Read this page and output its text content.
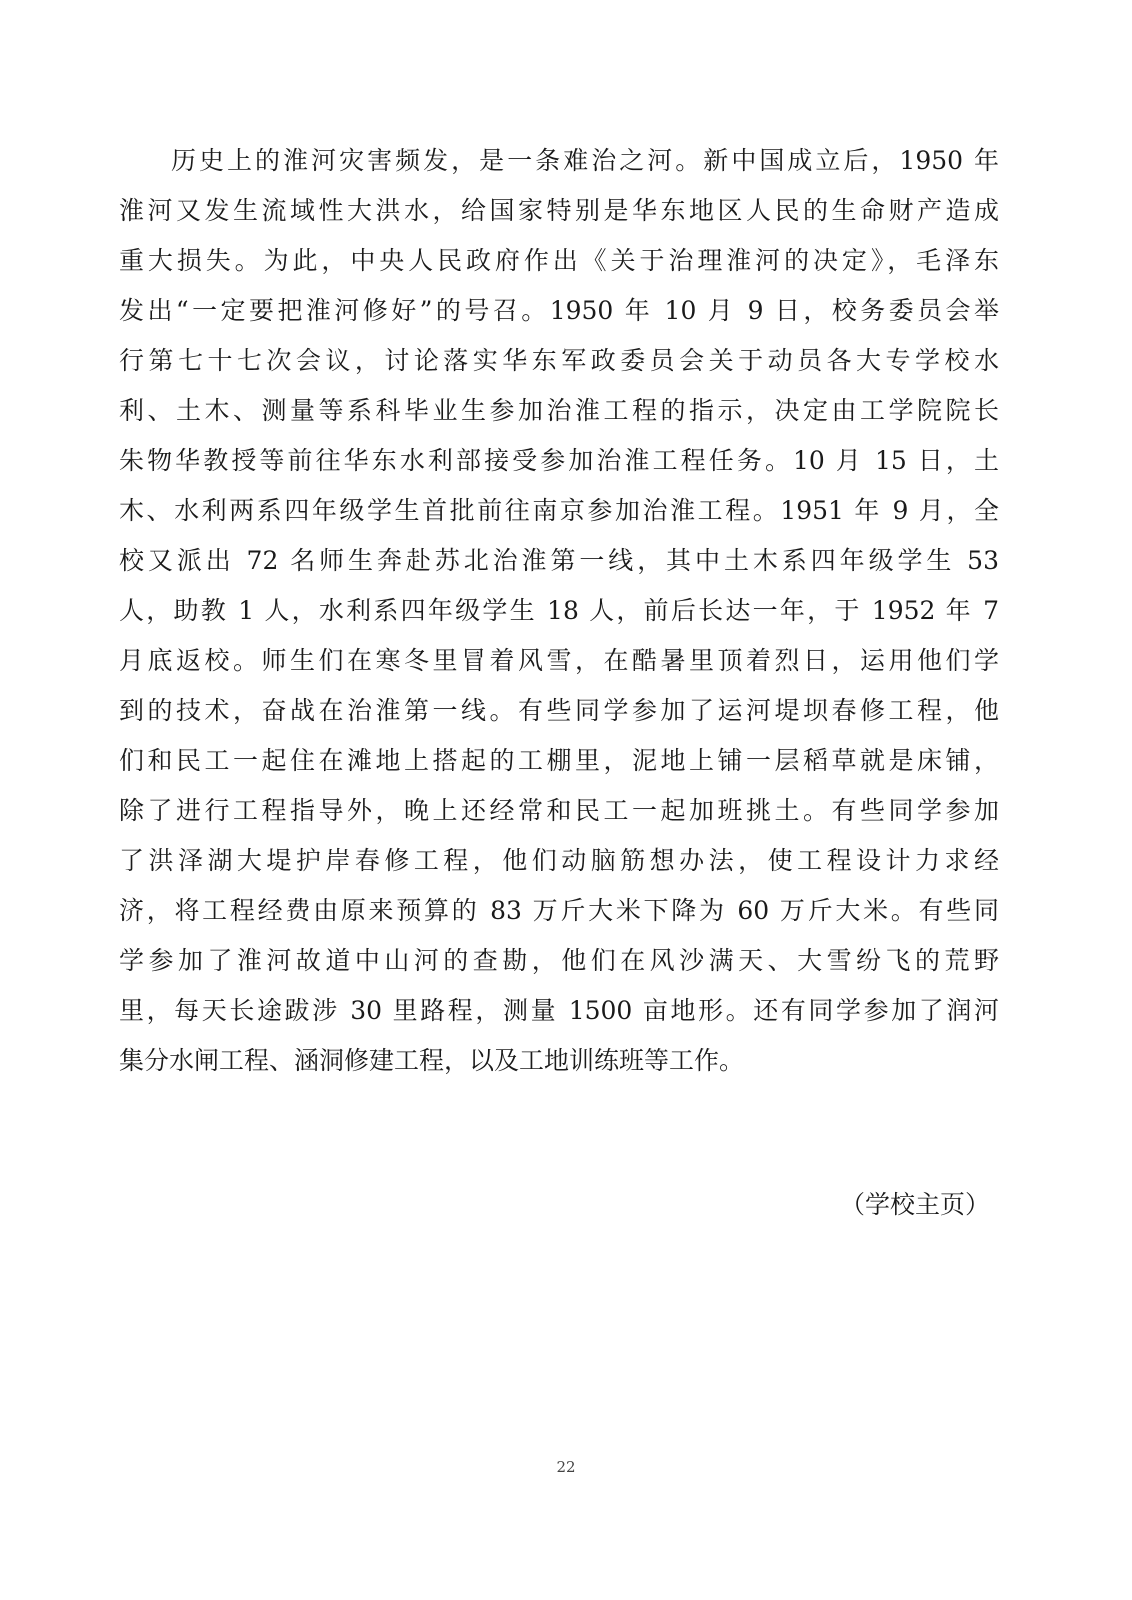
历史上的淮河灾害频发，是一条难治之河。新中国成立后，1950 年
淮河又发生流域性大洪水，给国家特别是华东地区人民的生命财产造成
重大损失。为此，中央人民政府作出《关于治理淮河的决定》，毛泽东
发出“一定要把淮河修好”的号召。1950 年 10 月 9 日，校务委员会举
行第七十七次会议，讨论落实华东军政委员会关于动员各大专学校水
利、土木、测量等系科毕业生参加治淮工程的指示，决定由工学院院长
朱物华教授等前往华东水利部接受参加治淮工程任务。10 月 15 日，土
木、水利两系四年级学生首批前往南京参加治淮工程。1951 年 9 月，全
校又派出 72 名师生奔赴苏北治淮第一线，其中土木系四年级学生 53
人，助教 1 人，水利系四年级学生 18 人，前后长达一年，于 1952 年 7
月底返校。师生们在寒冬里冒着风雪，在酷暑里顶着烈日，运用他们学
到的技术，奋战在治淮第一线。有些同学参加了运河堤坝春修工程，他
们和民工一起住在滩地上搭起的工棚里，泥地上铺一层稻草就是床铺，
除了进行工程指导外，晚上还经常和民工一起加班挑土。有些同学参加
了洪泽湖大堤护岸春修工程，他们动脑筋想办法，使工程设计力求经
济，将工程经费由原来预算的 83 万斤大米下降为 60 万斤大米。有些同
学参加了淮河故道中山河的查勘，他们在风沙满天、大雪纷飞的荒野
里，每天长途跋涉 30 里路程，测量 1500 亩地形。还有同学参加了润河
集分水闸工程、涵洞修建工程，以及工地训练班等工作。
（学校主页）
22
